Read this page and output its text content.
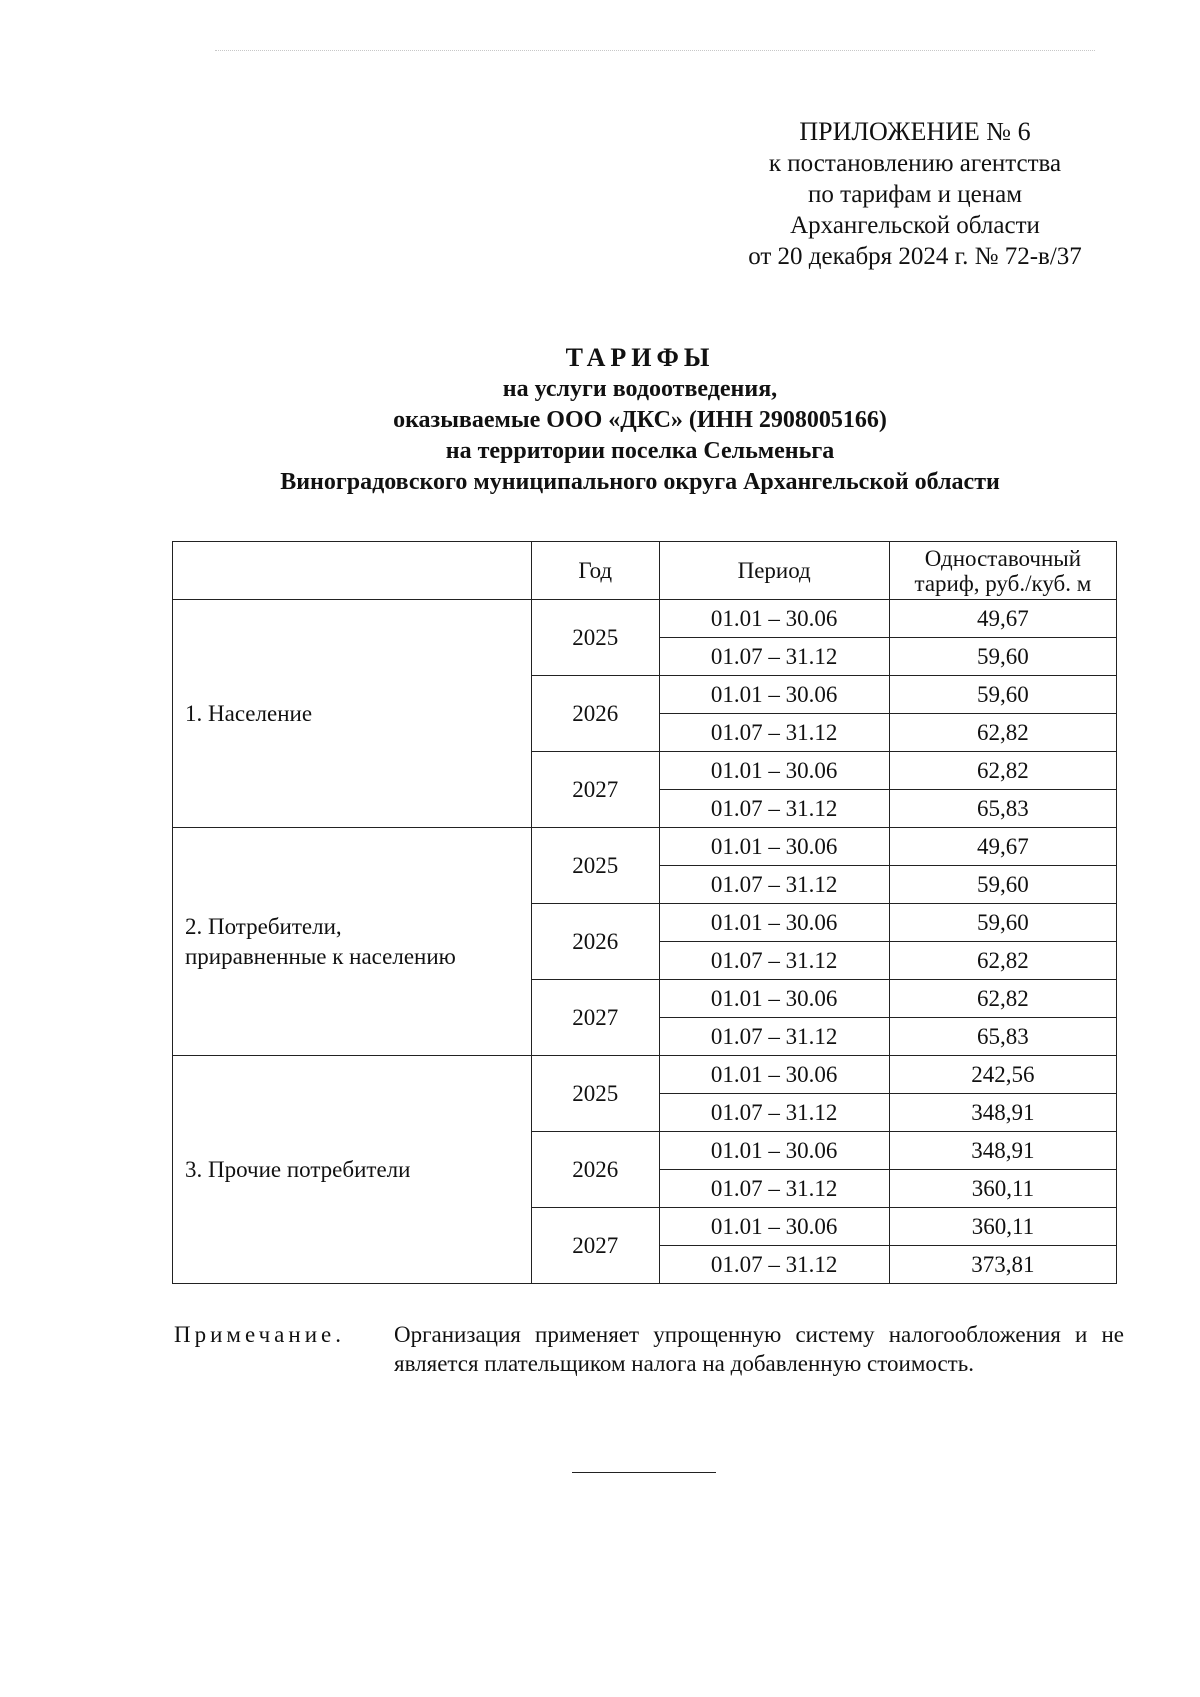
ПРИЛОЖЕНИЕ № 6
к постановлению агентства
по тарифам и ценам
Архангельской области
от 20 декабря 2024 г. № 72-в/37
ТАРИФЫ
на услуги водоотведения,
оказываемые ООО «ДКС» (ИНН 2908005166)
на территории поселка Сельменьга
Виноградовского муниципального округа Архангельской области
	Год	Период	Одноставочный
тариф, руб./куб. м
1. Население	2025	01.01 – 30.06	49,67
		01.07 – 31.12	59,60
	2026	01.01 – 30.06	59,60
		01.07 – 31.12	62,82
	2027	01.01 – 30.06	62,82
		01.07 – 31.12	65,83
2. Потребители,
приравненные к населению	2025	01.01 – 30.06	49,67
		01.07 – 31.12	59,60
	2026	01.01 – 30.06	59,60
		01.07 – 31.12	62,82
	2027	01.01 – 30.06	62,82
		01.07 – 31.12	65,83
3. Прочие потребители	2025	01.01 – 30.06	242,56
		01.07 – 31.12	348,91
	2026	01.01 – 30.06	348,91
		01.07 – 31.12	360,11
	2027	01.01 – 30.06	360,11
		01.07 – 31.12	373,81
Примечание. Организация применяет упрощенную систему налогообложения и не является плательщиком налога на добавленную стоимость.
